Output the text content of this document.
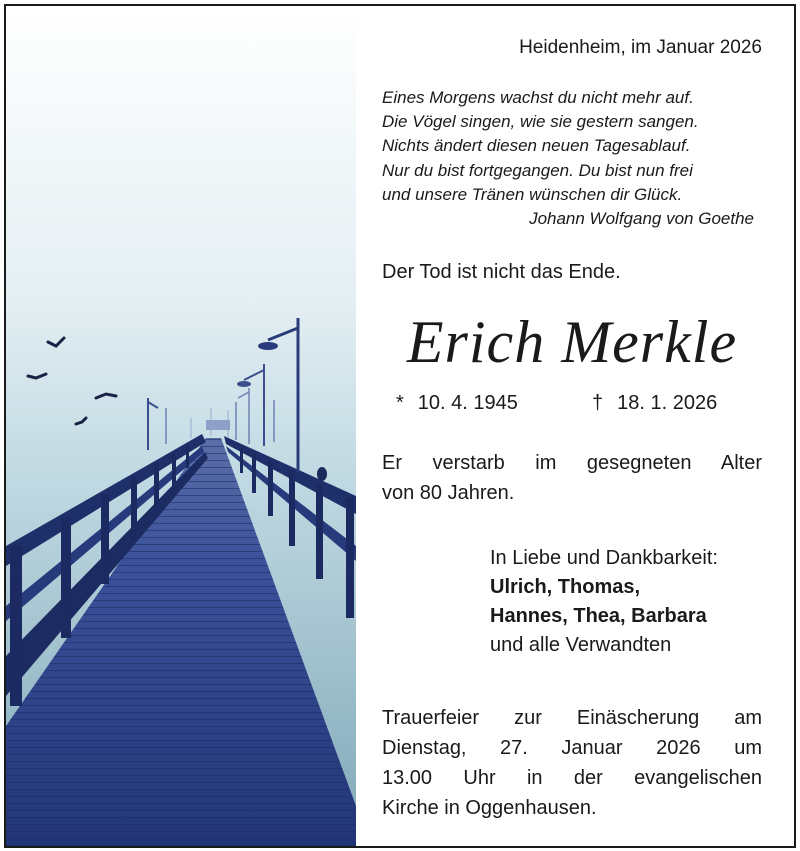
Heidenheim, im Januar 2026
Eines Morgens wachst du nicht mehr auf.
Die Vögel singen, wie sie gestern sangen.
Nichts ändert diesen neuen Tagesablauf.
Nur du bist fortgegangen. Du bist nun frei
und unsere Tränen wünschen dir Glück.
Johann Wolfgang von Goethe
Der Tod ist nicht das Ende.
Erich Merkle
* 10. 4. 1945	† 18. 1. 2026
Er verstarb im gesegneten Alter
von 80 Jahren.
In Liebe und Dankbarkeit:
Ulrich, Thomas,
Hannes, Thea, Barbara
und alle Verwandten
Trauerfeier zur Einäscherung am
Dienstag, 27. Januar 2026 um
13.00 Uhr in der evangelischen
Kirche in Oggenhausen.
